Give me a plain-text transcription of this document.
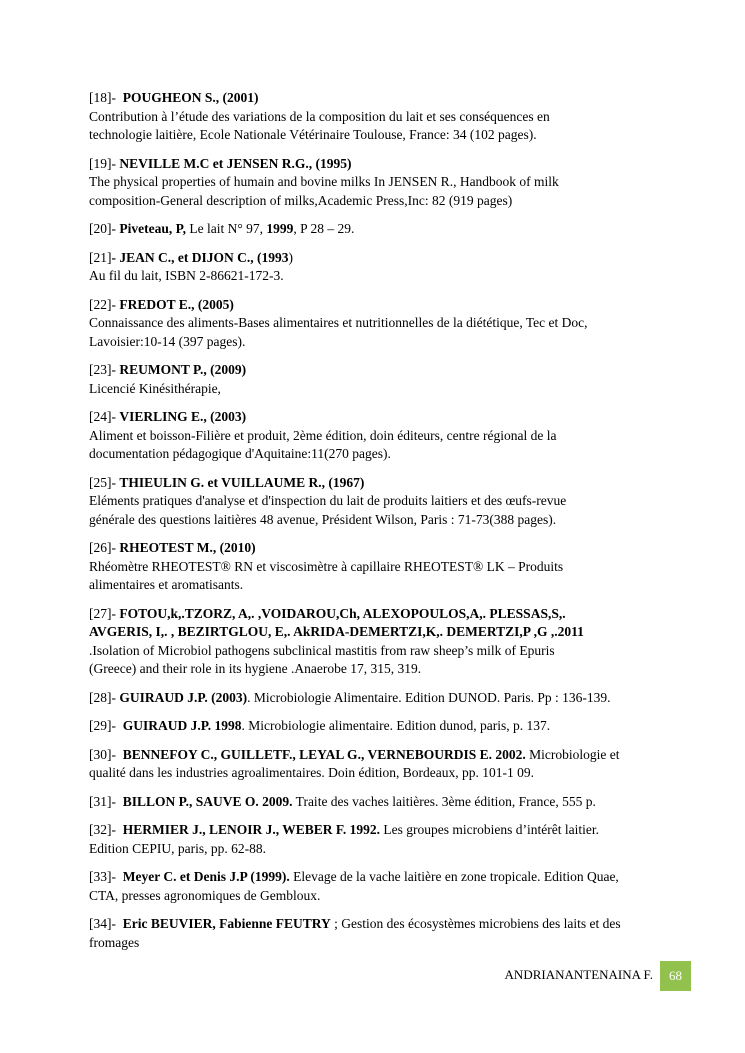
[18]- POUGHEON S., (2001)
Contribution à l’étude des variations de la composition du lait et ses conséquences en
technologie laitière, Ecole Nationale Vétérinaire Toulouse, France: 34 (102 pages).
[19]- NEVILLE M.C et JENSEN R.G., (1995)
The physical properties of humain and bovine milks In JENSEN R., Handbook of milk
composition-General description of milks,Academic Press,Inc: 82 (919 pages)
[20]- Piveteau, P, Le lait N° 97, 1999, P 28 – 29.
[21]- JEAN C., et DIJON C., (1993)
Au fil du lait, ISBN 2-86621-172-3.
[22]- FREDOT E., (2005)
Connaissance des aliments-Bases alimentaires et nutritionnelles de la diététique, Tec et Doc,
Lavoisier:10-14 (397 pages).
[23]- REUMONT P., (2009)
Licencié Kinésithérapie,
[24]- VIERLING E., (2003)
Aliment et boisson-Filière et produit, 2ème édition, doin éditeurs, centre régional de la
documentation pédagogique d'Aquitaine:11(270 pages).
[25]- THIEULIN G. et VUILLAUME R., (1967)
Eléments pratiques d'analyse et d'inspection du lait de produits laitiers et des œufs-revue
générale des questions laitières 48 avenue, Président Wilson, Paris : 71-73(388 pages).
[26]- RHEOTEST M., (2010)
Rhéomètre RHEOTEST® RN et viscosimètre à capillaire RHEOTEST® LK – Produits
alimentaires et aromatisants.
[27]- FOTOU,k,.TZORZ, A,. ,VOIDAROU,Ch, ALEXOPOULOS,A,. PLESSAS,S,.
AVGERIS, I,. , BEZIRTGLOU, E,. AkRIDA-DEMERTZI,K,. DEMERTZI,P ,G ,.2011
.Isolation of Microbiol pathogens subclinical mastitis from raw sheep’s milk of Epuris
(Greece) and their role in its hygiene .Anaerobe 17, 315, 319.
[28]- GUIRAUD J.P. (2003). Microbiologie Alimentaire. Edition DUNOD. Paris. Pp : 136-139.
[29]- GUIRAUD J.P. 1998. Microbiologie alimentaire. Edition dunod, paris, p. 137.
[30]- BENNEFOY C., GUILLETF., LEYAL G., VERNEBOURDIS E. 2002. Microbiologie et
qualité dans les industries agroalimentaires. Doin édition, Bordeaux, pp. 101-1 09.
[31]- BILLON P., SAUVE O. 2009. Traite des vaches laitières. 3ème édition, France, 555 p.
[32]- HERMIER J., LENOIR J., WEBER F. 1992. Les groupes microbiens d’intérêt laitier.
Edition CEPIU, paris, pp. 62-88.
[33]- Meyer C. et Denis J.P (1999). Elevage de la vache laitière en zone tropicale. Edition Quae,
CTA, presses agronomiques de Gembloux.
[34]- Eric BEUVIER, Fabienne FEUTRY ; Gestion des écosystèmes microbiens des laits et des
fromages
ANDRIANANTENAINA F.	68
